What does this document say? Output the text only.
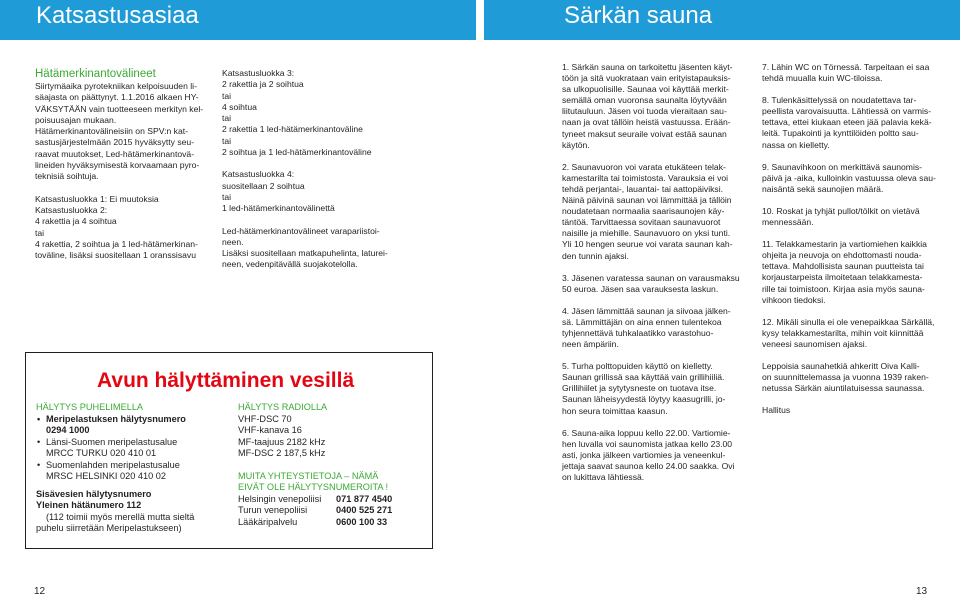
Katsastusasiaa	Särkän sauna

Hätämerkinantovälineet

Siirtymäaika pyrotekniikan kelpoisuuden li-

säajasta on päättynyt. 1.1.2016 alkaen HY-

VÄKSYTÄÄN vain tuotteeseen merkityn kel-

poisuusajan mukaan.

Hätämerkinantovälineisiin on SPV:n kat-

sastusjärjestelmään 2015 hyväksytty seu-

raavat muutokset, Led-hätämerkinantovä-

lineiden hyväksymisestä korvaamaan pyro-

teknisiä soihtuja.

Katsastusluokka 1: Ei muutoksia

Katsastusluokka 2:

4 rakettia ja 4 soihtua

tai

4 rakettia, 2 soihtua ja 1 led-hätämerkinan-

toväline, lisäksi suositellaan 1 oranssisavu

Katsastusluokka 3:

2 rakettia ja 2 soihtua

tai

4 soihtua

tai

2 rakettia 1 led-hätämerkinantoväline

tai

2 soihtua ja 1 led-hätämerkinantoväline

Katsastusluokka 4:

suositellaan 2 soihtua

tai

1 led-hätämerkinantovälinettä

Led-hätämerkinantovälineet varapariistoi-

neen.

Lisäksi suositellaan matkapuhelinta, laturei-

neen, vedenpitävällä suojakotelolla.

Avun hälyttäminen vesillä

HÄLYTYS PUHELIMELLA

• Meripelastuksen hälytysnumero

0294 1000

• Länsi-Suomen meripelastusalue

MRCC TURKU 020 410 01

• Suomenlahden meripelastusalue

MRSC HELSINKI 020 410 02

Sisävesien hälytysnumero

Yleinen hätänumero 112

(112 toimii myös merellä mutta sieltä

puhelu siirretään Meripelastukseen)

HÄLYTYS RADIOLLA

VHF-DSC 70

VHF-kanava 16

MF-taajuus 2182 kHz

MF-DSC 2 187,5 kHz

MUITA YHTEYSTIETOJA – NÄMÄ

EIVÄT OLE HÄLYTYSNUMEROITA !

Helsingin venepoliisi	071 877 4540
Turun venepoliisi	0400 525 271
Lääkäripalvelu	0600 100 33

1. Särkän sauna on tarkoitettu jäsenten käyt-
töön ja sitä vuokrataan vain erityistapauksis-
sa ulkopuolisille. Saunaa voi käyttää merkit-
semällä oman vuoronsa saunalta löytyvään
liitutauluun. Jäsen voi tuoda vieraitaan sau-
naan ja ovat tällöin heistä vastuussa. Erään-
tyneet maksut seuraile voivat estää saunan
käytön.

2. Saunavuoron voi varata etukäteen telak-
kamestarilta tai toimistosta. Varauksia ei voi
tehdä perjantai-, lauantai- tai aattopäiviksi.
Näinä päivinä saunan voi lämmittää ja tällöin
noudatetaan normaalia saarisaunojen käy-
täntöä. Tarvittaessa sovitaan saunavuorot
naisille ja miehille. Saunavuoro on yksi tunti.
Yli 10 hengen seurue voi varata saunan kah-
den tunnin ajaksi.

3. Jäsenen varatessa saunan on varausmaksu
50 euroa. Jäsen saa varauksesta laskun.

4. Jäsen lämmittää saunan ja siivoaa jälken-
sä. Lämmittäjän on aina ennen tulentekoa
tyhjennettävä tuhkalaatikko varastohuo-
neen ämpäriin.

5. Turha polttopuiden käyttö on kielletty.
Saunan grillissä saa käyttää vain grillihiiliä.
Grillihiilet ja sytytysneste on tuotava itse.
Saunan läheisyydestä löytyy kaasugrilli, jo-
hon seura toimittaa kaasun.

6. Sauna-aika loppuu kello 22.00. Vartiomie-
hen luvalla voi saunomista jatkaa kello 23.00
asti, jonka jälkeen vartiomies ja veneenkul-
jettaja saavat saunoa kello 24.00 saakka. Ovi
on lukittava lähtiessä.

7. Lähin WC on Törnessä. Tarpeitaan ei saa
tehdä muualla kuin WC-tiloissa.

8. Tulenkäsittelyssä on noudatettava tar-
peellista varovaisuutta. Lähtiessä on varmis-
tettava, ettei kiukaan eteen jää palavia kekä-
leitä. Tupakointi ja kynttilöiden poltto sau-
nassa on kielletty.

9. Saunavihkoon on merkittävä saunomis-
päivä ja -aika, kulloinkin vastuussa oleva sau-
naisäntä sekä saunojien määrä.

10. Roskat ja tyhjät pullot/tölkit on vietävä
mennessään.

11. Telakkamestarin ja vartiomiehen kaikkia
ohjeita ja neuvoja on ehdottomasti nouda-
tettava. Mahdollisista saunan puutteista tai
korjaustarpeista ilmoitetaan telakkamesta-
rille tai toimistoon. Kirjaa asia myös sauna-
vihkoon tiedoksi.

12. Mikäli sinulla ei ole venepaikkaa Särkällä,
kysy telakkamestarilta, mihin voit kiinnittää
veneesi saunomisen ajaksi.

Leppoisia saunahetkiä ahkeritt Oiva Kalli-
on suunnittelemassa ja vuonna 1939 raken-
netussa Särkän aiuntilatuisessa saunassa.

Hallitus

12	13
